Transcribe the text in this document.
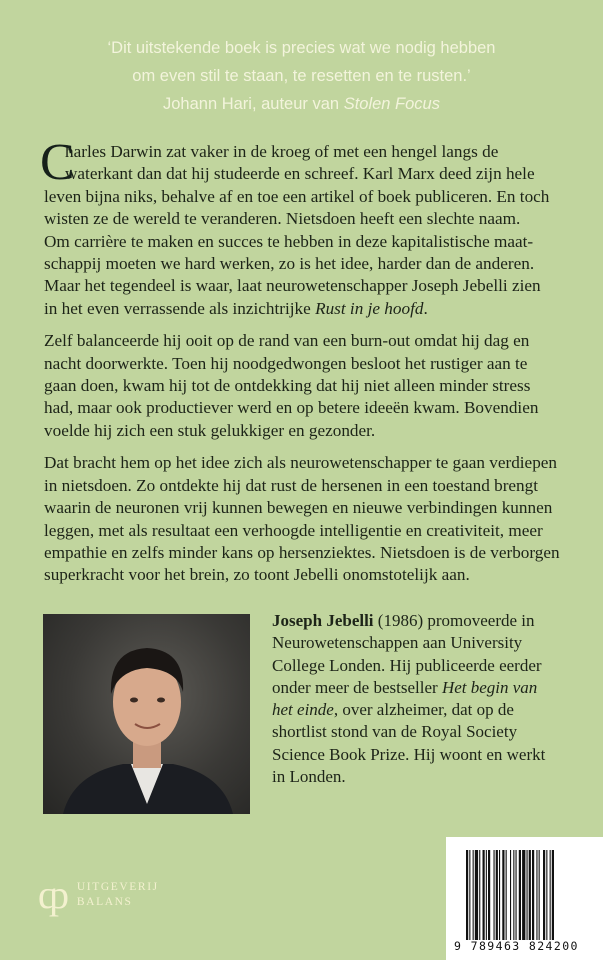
‘Dit uitstekende boek is precies wat we nodig hebben
om even stil te staan, te resetten en te rusten.’
Johann Hari, auteur van Stolen Focus
C
harles Darwin zat vaker in de kroeg of met een hengel langs de
waterkant dan dat hij studeerde en schreef. Karl Marx deed zijn hele
leven bijna niks, behalve af en toe een artikel of boek publiceren. En toch
wisten ze de wereld te veranderen. Nietsdoen heeft een slechte naam.
Om carrière te maken en succes te hebben in deze kapitalistische maat-
schappij moeten we hard werken, zo is het idee, harder dan de anderen.
Maar het tegendeel is waar, laat neurowetenschapper Joseph Jebelli zien
in het even verrassende als inzichtrijke Rust in je hoofd.
Zelf balanceerde hij ooit op de rand van een burn-out omdat hij dag en
nacht doorwerkte. Toen hij noodgedwongen besloot het rustiger aan te
gaan doen, kwam hij tot de ontdekking dat hij niet alleen minder stress
had, maar ook productiever werd en op betere ideeën kwam. Bovendien
voelde hij zich een stuk gelukkiger en gezonder.
Dat bracht hem op het idee zich als neurowetenschapper te gaan verdiepen
in nietsdoen. Zo ontdekte hij dat rust de hersenen in een toestand brengt
waarin de neuronen vrij kunnen bewegen en nieuwe verbindingen kunnen
leggen, met als resultaat een verhoogde intelligentie en creativiteit, meer
empathie en zelfs minder kans op hersenziektes. Nietsdoen is de verborgen
superkracht voor het brein, zo toont Jebelli onomstotelijk aan.
Joseph Jebelli (1986) promoveerde in
Neurowetenschappen aan University
College Londen. Hij publiceerde eerder
onder meer de bestseller Het begin van
het einde, over alzheimer, dat op de
shortlist stond van de Royal Society
Science Book Prize. Hij woont en werkt
in Londen.
ȹ UITGEVERIJ
BALANS
9 789463 824200
